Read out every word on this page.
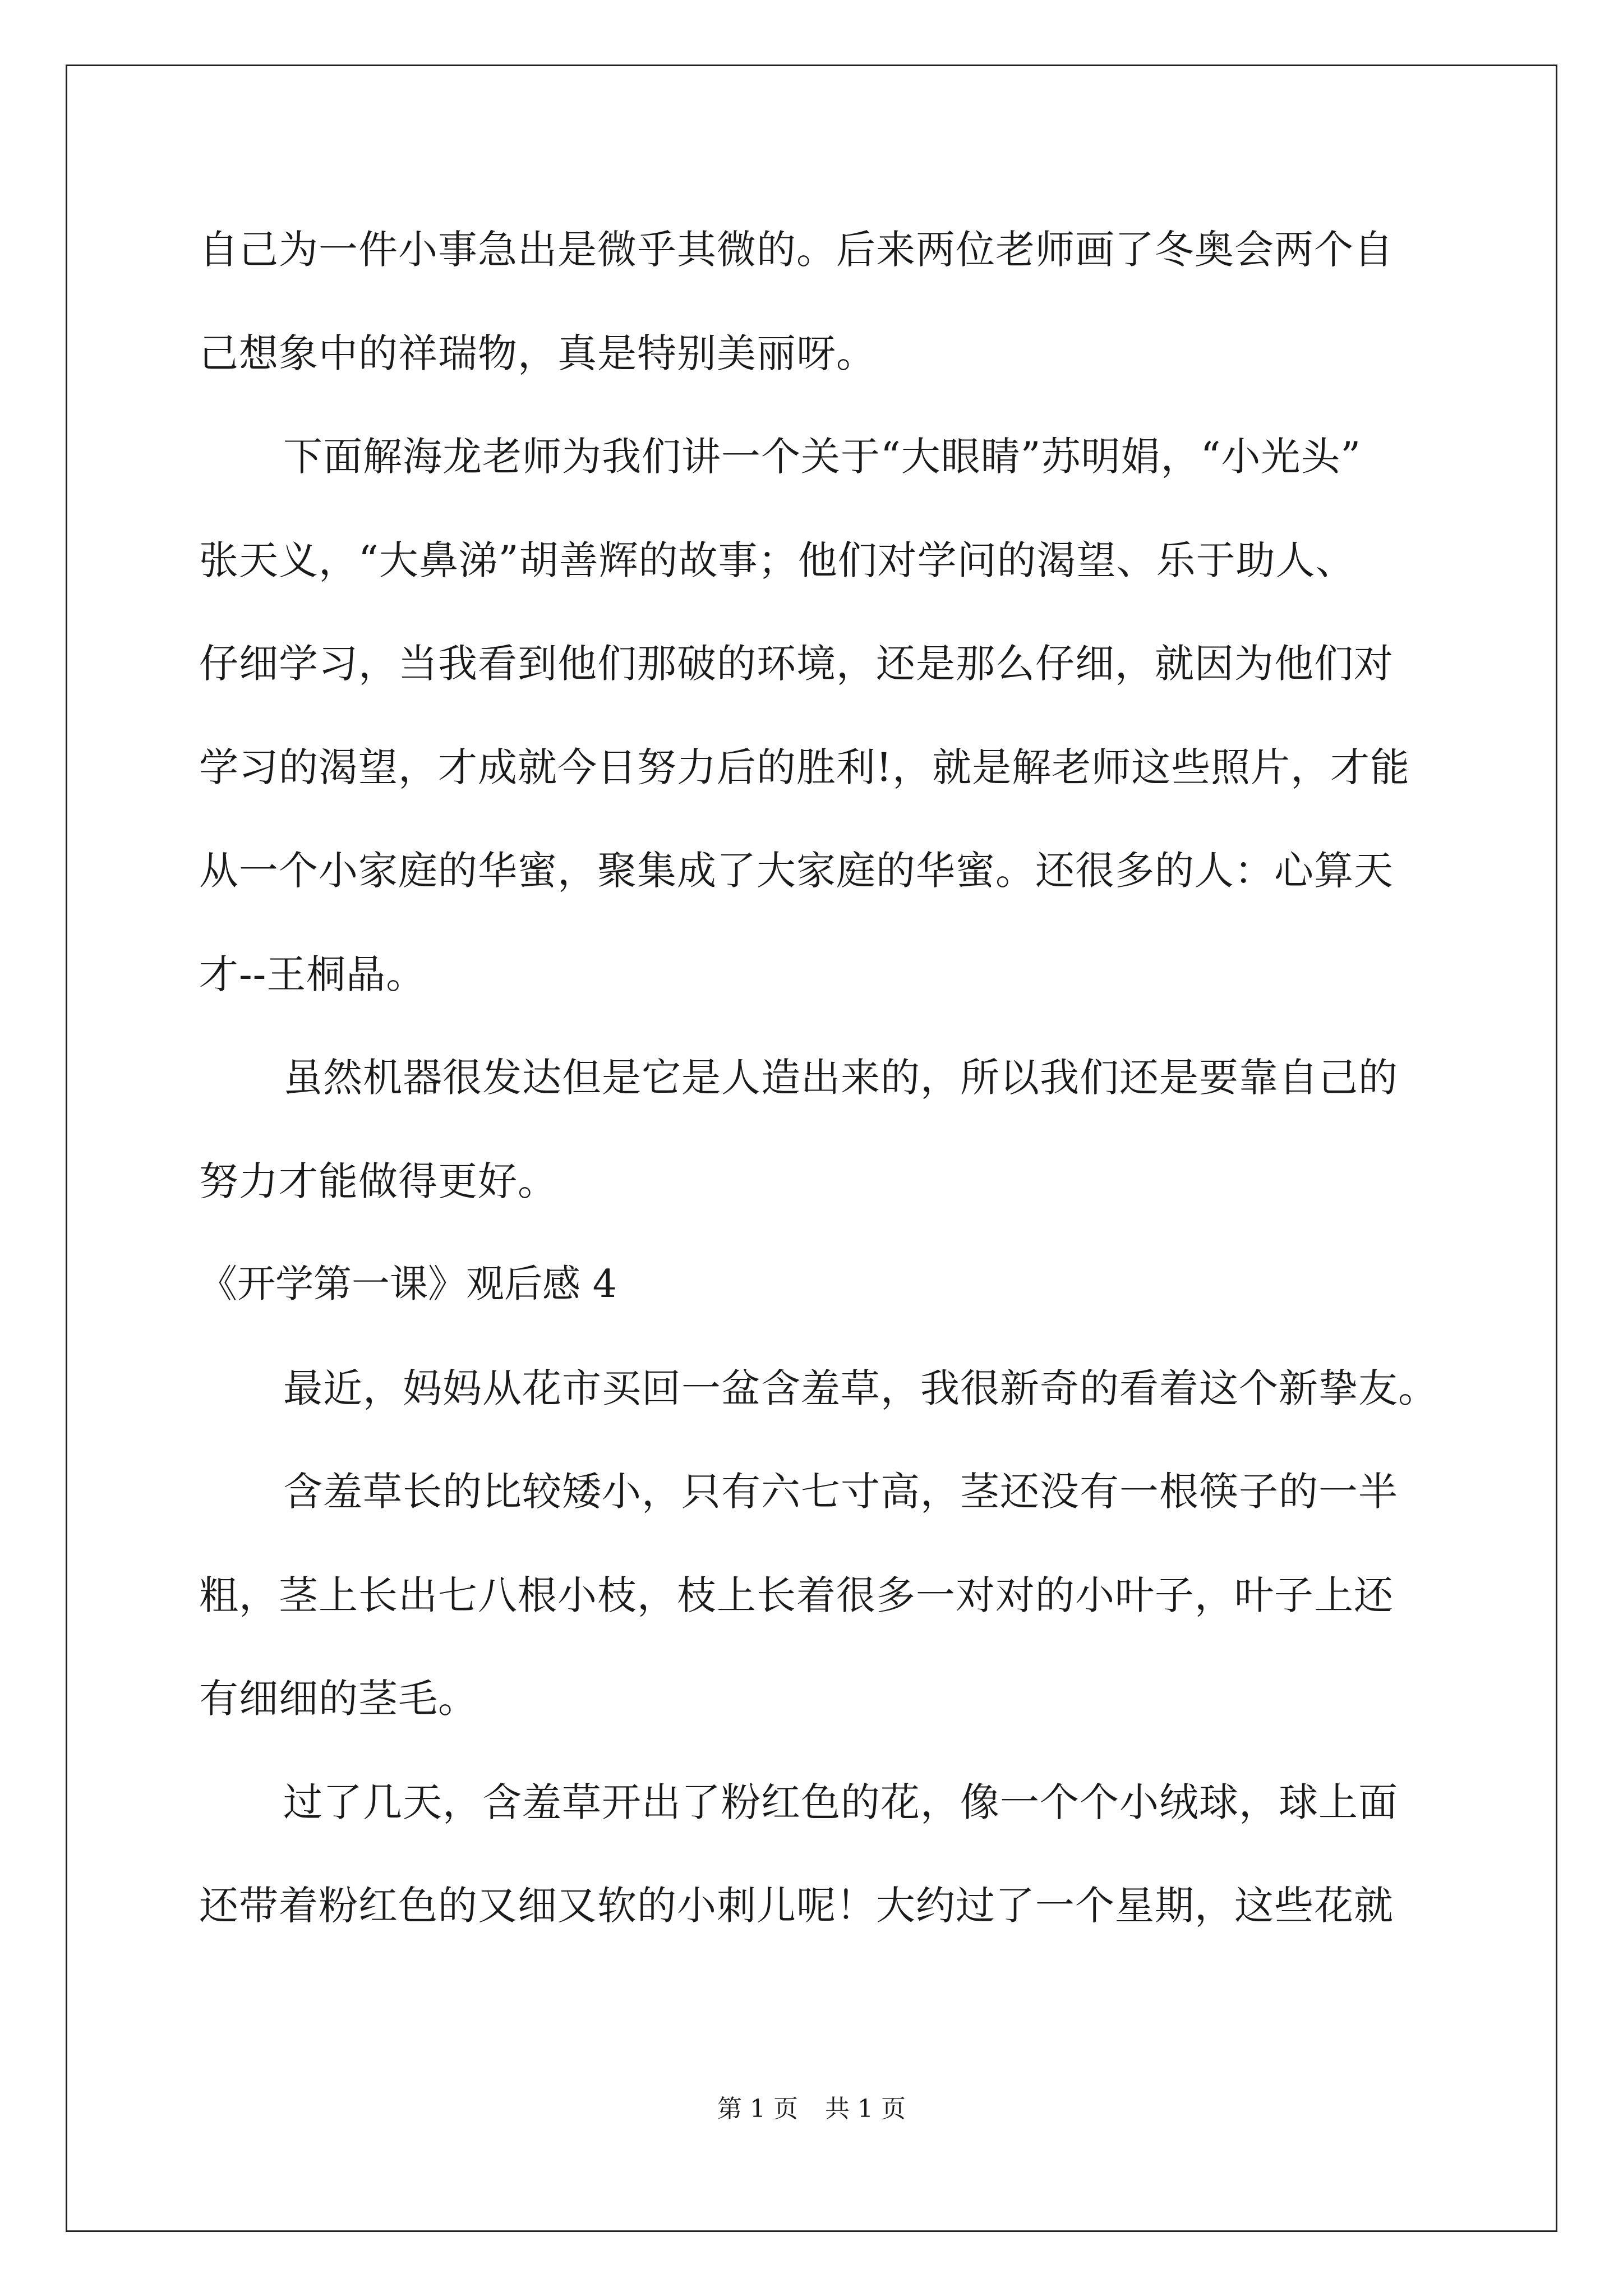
自己为一件小事急出是微乎其微的。后来两位老师画了冬奥会两个自
己想象中的祥瑞物，真是特别美丽呀。
下面解海龙老师为我们讲一个关于“大眼睛”苏明娟，“小光头”
张天义，“大鼻涕”胡善辉的故事；他们对学问的渴望、乐于助人、
仔细学习，当我看到他们那破的环境，还是那么仔细，就因为他们对
学习的渴望，才成就今日努力后的胜利!，就是解老师这些照片，才能
从一个小家庭的华蜜，聚集成了大家庭的华蜜。还很多的人：心算天
才--王桐晶。
虽然机器很发达但是它是人造出来的，所以我们还是要靠自己的
努力才能做得更好。
《开学第一课》观后感 4
最近，妈妈从花市买回一盆含羞草，我很新奇的看着这个新挚友。
含羞草长的比较矮小，只有六七寸高，茎还没有一根筷子的一半
粗，茎上长出七八根小枝，枝上长着很多一对对的小叶子，叶子上还
有细细的茎毛。
过了几天，含羞草开出了粉红色的花，像一个个小绒球，球上面
还带着粉红色的又细又软的小刺儿呢！大约过了一个星期，这些花就
第 1 页 共 1 页
